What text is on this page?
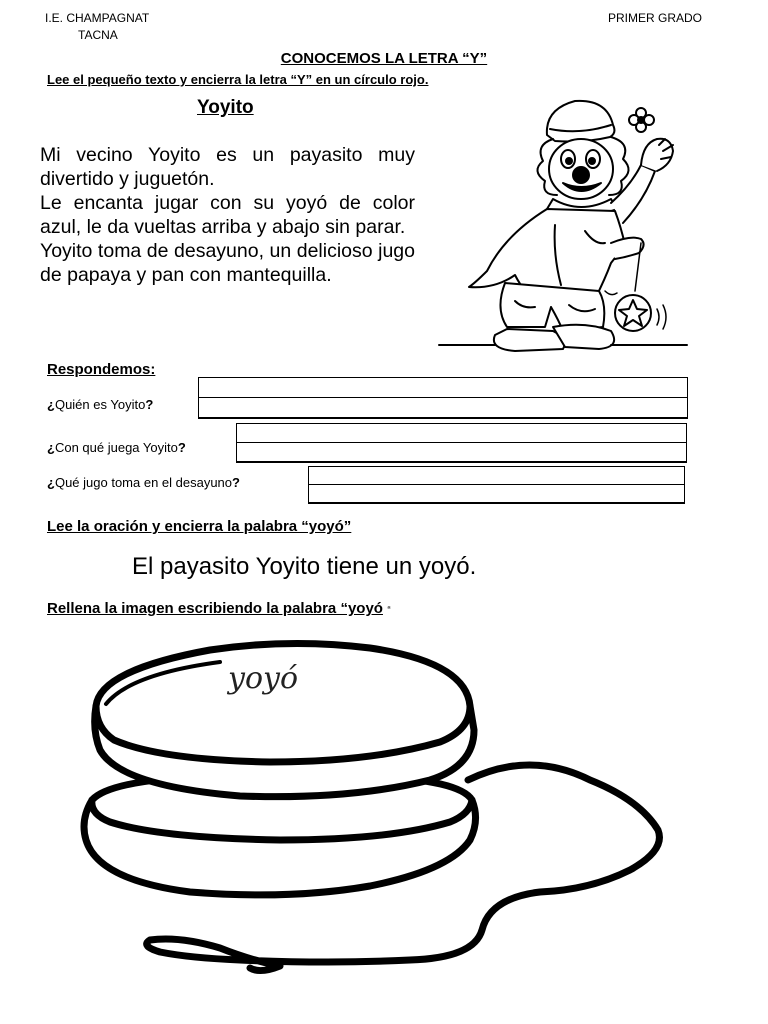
I.E. CHAMPAGNAT
TACNA
PRIMER GRADO
CONOCEMOS LA LETRA “Y”
Lee el pequeño texto y encierra la letra “Y” en un círculo rojo.
Yoyito

Mi vecino Yoyito es un payasito muy divertido y juguetón.

Le encanta jugar con su yoyó de color azul, le da vueltas arriba y abajo sin parar.

Yoyito toma de desayuno, un delicioso jugo de papaya y pan con mantequilla.

Respondemos:
¿Quién es Yoyito?
¿Con qué juega Yoyito?
¿Qué jugo toma en el desayuno?
Lee la oración y encierra la palabra “yoyó”
El payasito Yoyito tiene un yoyó.
Rellena la imagen escribiendo la palabra “yoyó “
yoyó
